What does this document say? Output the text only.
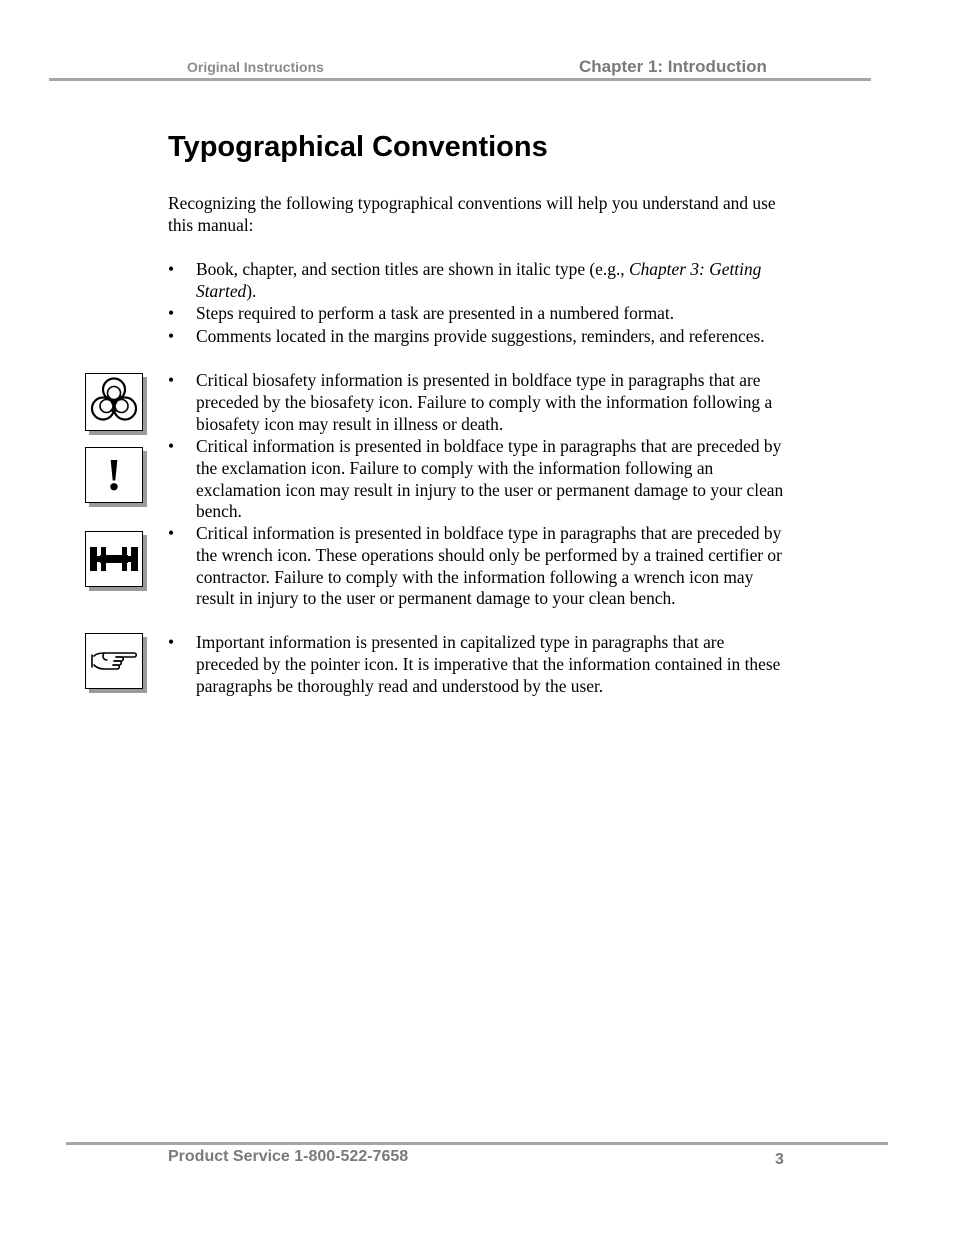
Original Instructions	Chapter 1: Introduction
Typographical Conventions

Recognizing the following typographical conventions will help you understand and use this manual:

• Book, chapter, and section titles are shown in italic type (e.g., Chapter 3: Getting Started).
• Steps required to perform a task are presented in a numbered format.
• Comments located in the margins provide suggestions, reminders, and references.
• Critical biosafety information is presented in boldface type in paragraphs that are preceded by the biosafety icon. Failure to comply with the information following a biosafety icon may result in illness or death.
• Critical information is presented in boldface type in paragraphs that are preceded by the exclamation icon. Failure to comply with the information following an exclamation icon may result in injury to the user or permanent damage to your clean bench.
• Critical information is presented in boldface type in paragraphs that are preceded by the wrench icon. These operations should only be performed by a trained certifier or contractor. Failure to comply with the information following a wrench icon may result in injury to the user or permanent damage to your clean bench.
• Important information is presented in capitalized type in paragraphs that are preceded by the pointer icon. It is imperative that the information contained in these paragraphs be thoroughly read and understood by the user.
!
Product Service 1-800-522-7658	3
